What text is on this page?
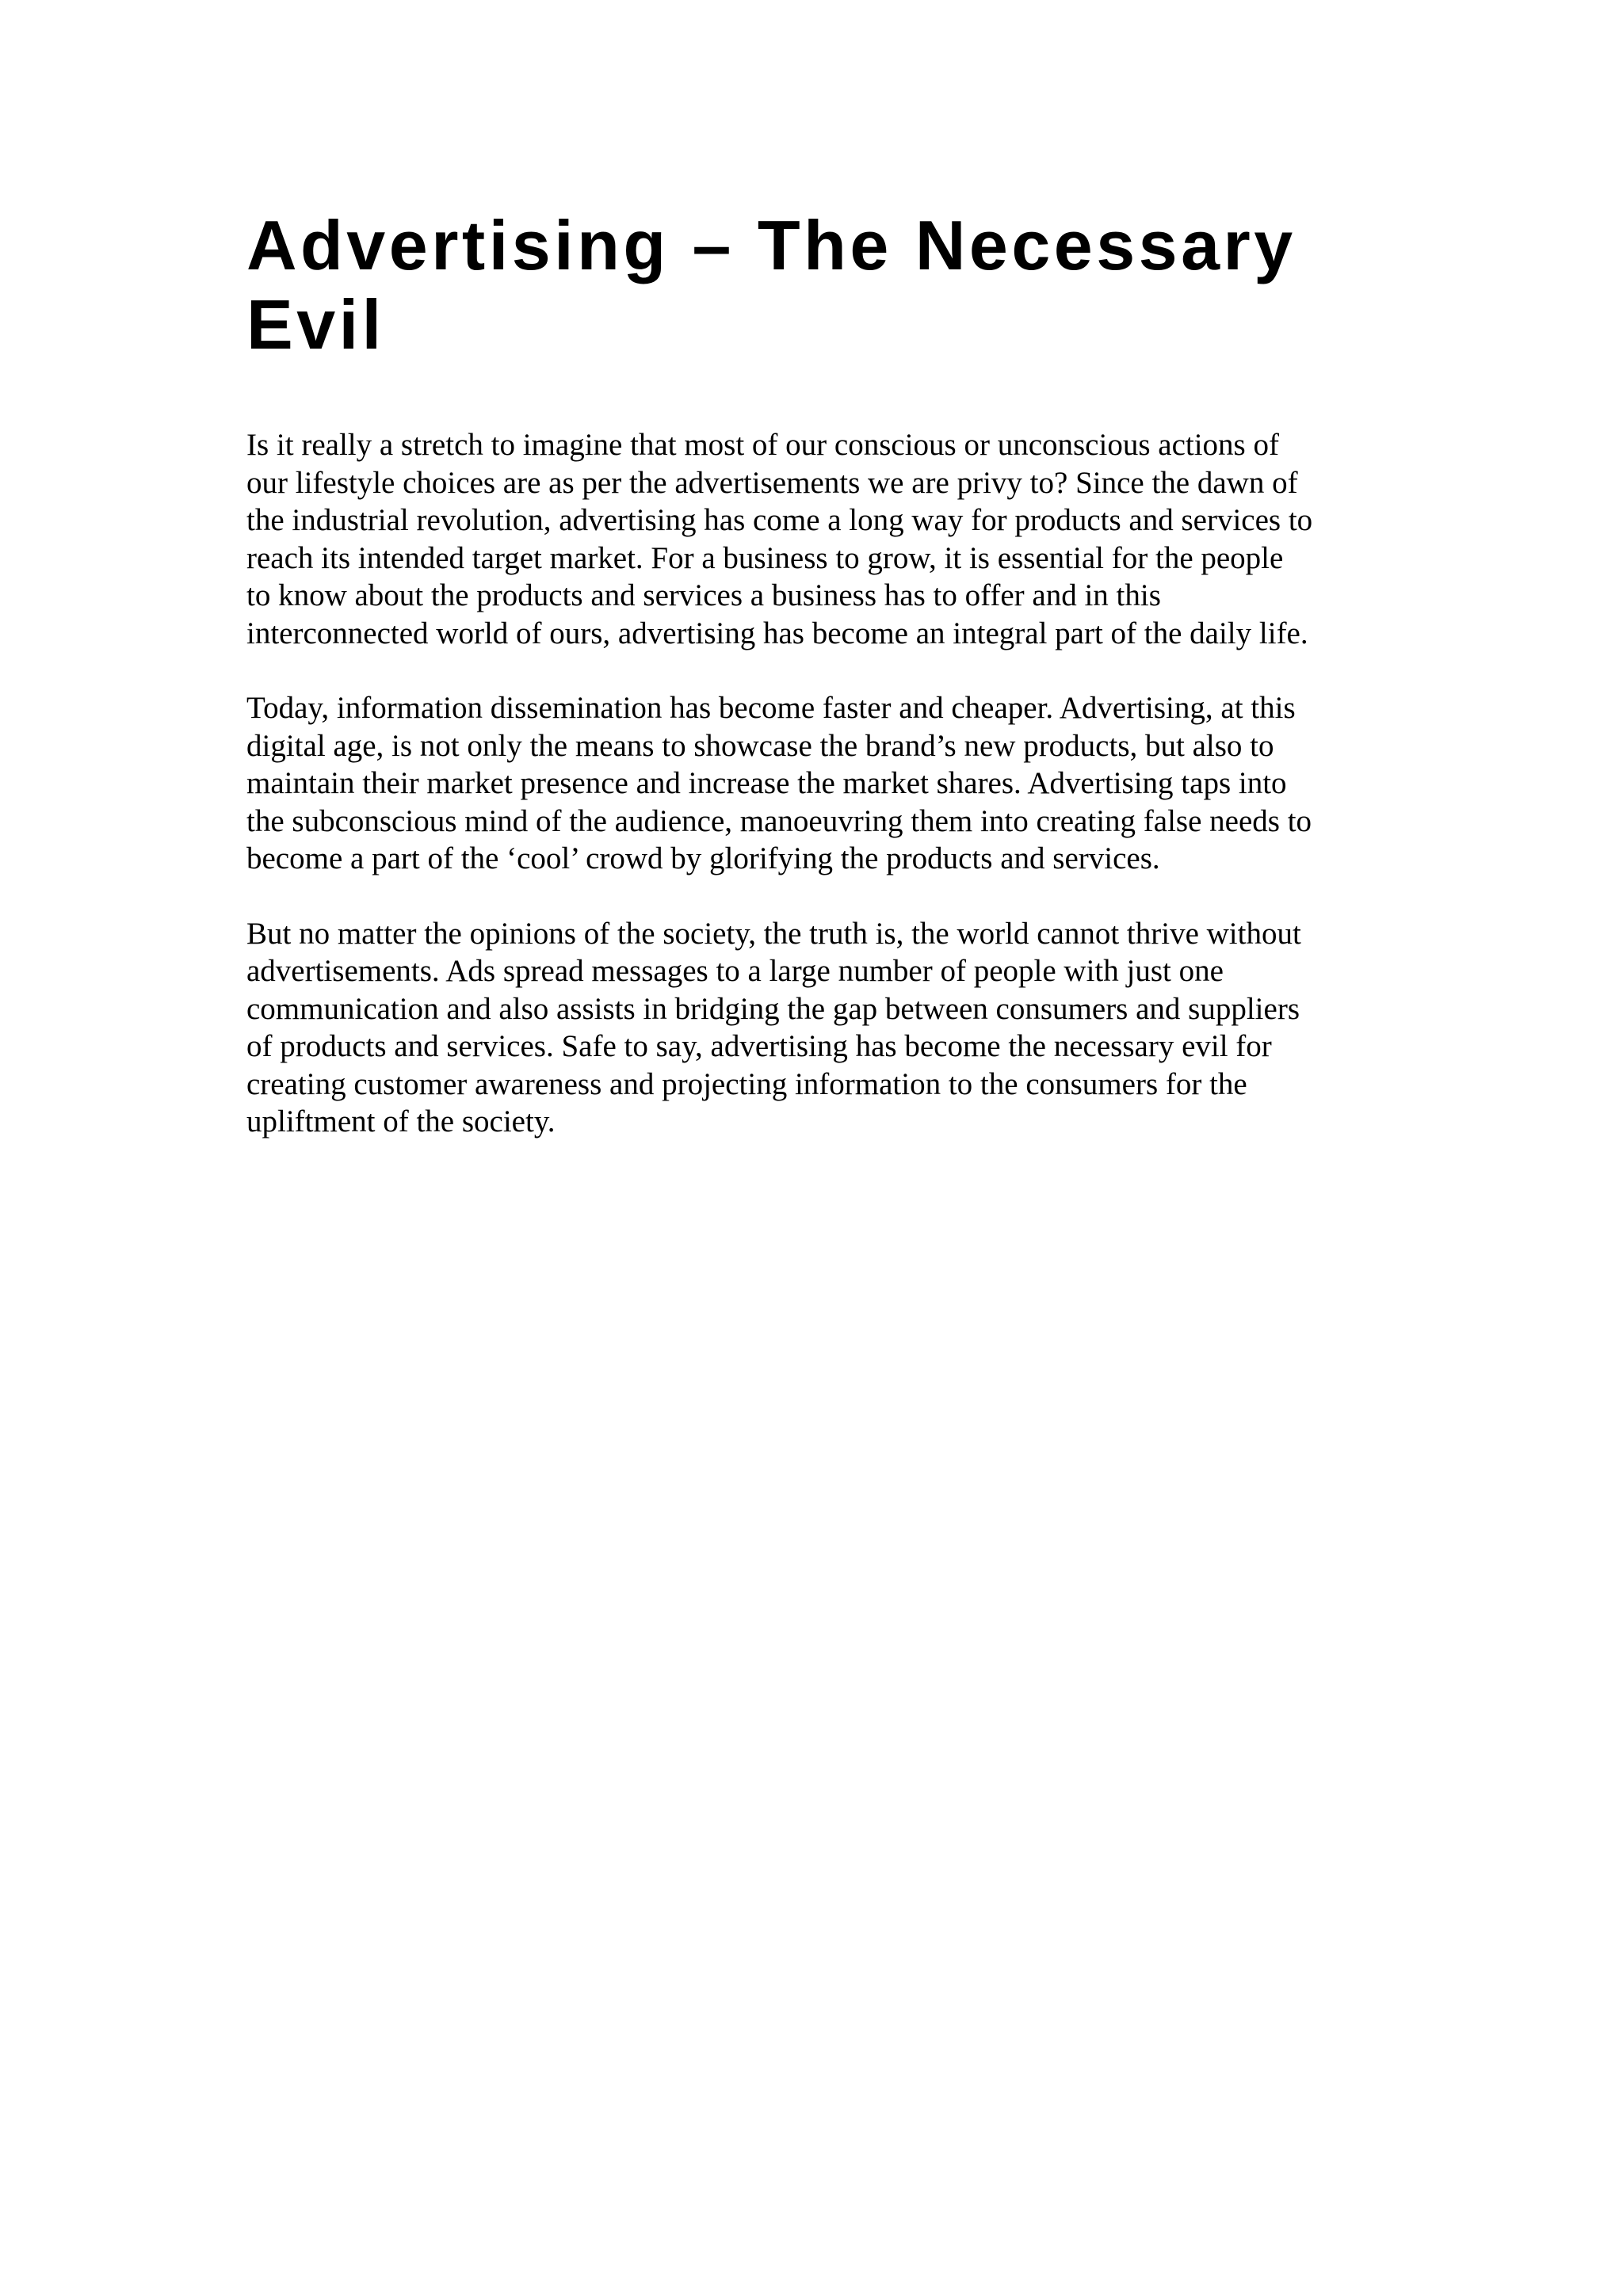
Advertising – The Necessary
Evil

Is it really a stretch to imagine that most of our conscious or unconscious actions of
our lifestyle choices are as per the advertisements we are privy to? Since the dawn of
the industrial revolution, advertising has come a long way for products and services to
reach its intended target market. For a business to grow, it is essential for the people
to know about the products and services a business has to offer and in this
interconnected world of ours, advertising has become an integral part of the daily life.

Today, information dissemination has become faster and cheaper. Advertising, at this
digital age, is not only the means to showcase the brand’s new products, but also to
maintain their market presence and increase the market shares. Advertising taps into
the subconscious mind of the audience, manoeuvring them into creating false needs to
become a part of the ‘cool’ crowd by glorifying the products and services.

But no matter the opinions of the society, the truth is, the world cannot thrive without
advertisements. Ads spread messages to a large number of people with just one
communication and also assists in bridging the gap between consumers and suppliers
of products and services. Safe to say, advertising has become the necessary evil for
creating customer awareness and projecting information to the consumers for the
upliftment of the society.
